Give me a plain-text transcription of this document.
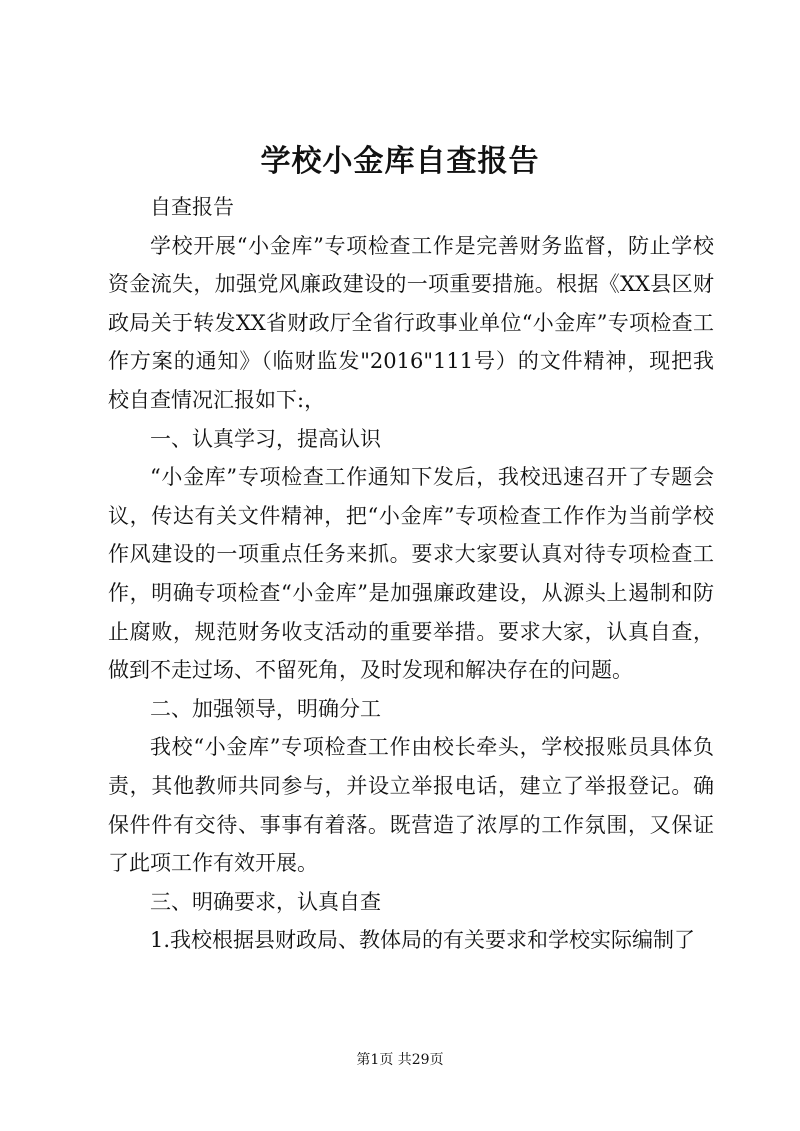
学校小金库自查报告

自查报告

学校开展“小金库”专项检查工作是完善财务监督，防止学校资金流失，加强党风廉政建设的一项重要措施。根据《XX县区财政局关于转发XX省财政厅全省行政事业单位“小金库”专项检查工作方案的通知》（临财监发"2016"111号）的文件精神，现把我校自查情况汇报如下:，

一、认真学习，提高认识

“小金库”专项检查工作通知下发后，我校迅速召开了专题会议，传达有关文件精神，把“小金库”专项检查工作作为当前学校作风建设的一项重点任务来抓。要求大家要认真对待专项检查工作，明确专项检查“小金库”是加强廉政建设，从源头上遏制和防止腐败，规范财务收支活动的重要举措。要求大家，认真自查，做到不走过场、不留死角，及时发现和解决存在的问题。

二、加强领导，明确分工

我校“小金库”专项检查工作由校长牵头，学校报账员具体负责，其他教师共同参与，并设立举报电话，建立了举报登记。确保件件有交待、事事有着落。既营造了浓厚的工作氛围，又保证了此项工作有效开展。

三、明确要求，认真自查

1.我校根据县财政局、教体局的有关要求和学校实际编制了

第1页 共29页
